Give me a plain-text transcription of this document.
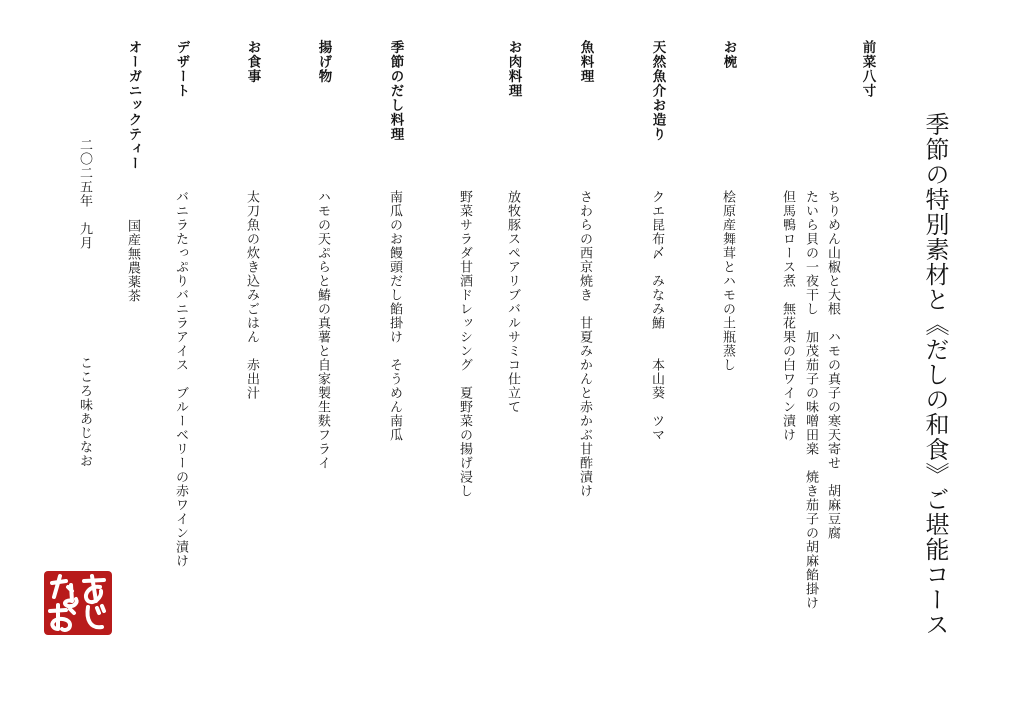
季節の特別素材と《だしの和食》ご堪能コース
前菜八寸
ちりめん山椒と大根　ハモの真子の寒天寄せ　胡麻豆腐
たいら貝の一夜干し　加茂茄子の味噌田楽　焼き茄子の胡麻餡掛け
但馬鴨ロース煮　無花果の白ワイン漬け
お椀
桧原産舞茸とハモの土瓶蒸し
天然魚介お造り
クエ昆布〆　みなみ鮪　　本山葵　ツマ
魚料理
さわらの西京焼き　甘夏みかんと赤かぶ甘酢漬け
お肉料理
放牧豚スペアリブバルサミコ仕立て
季節のだし料理
野菜サラダ甘酒ドレッシング　夏野菜の揚げ浸し
南瓜のお饅頭だし餡掛け　そうめん南瓜
揚げ物
ハモの天ぷらと鰆の真薯と自家製生麩フライ
お食事
太刀魚の炊き込みごはん　赤出汁
デザート
バニラたっぷりバニラアイス　ブルーベリーの赤ワイン漬け
オーガニックティー
国産無農薬茶
二〇二五年　九月
こころ味あじなお
